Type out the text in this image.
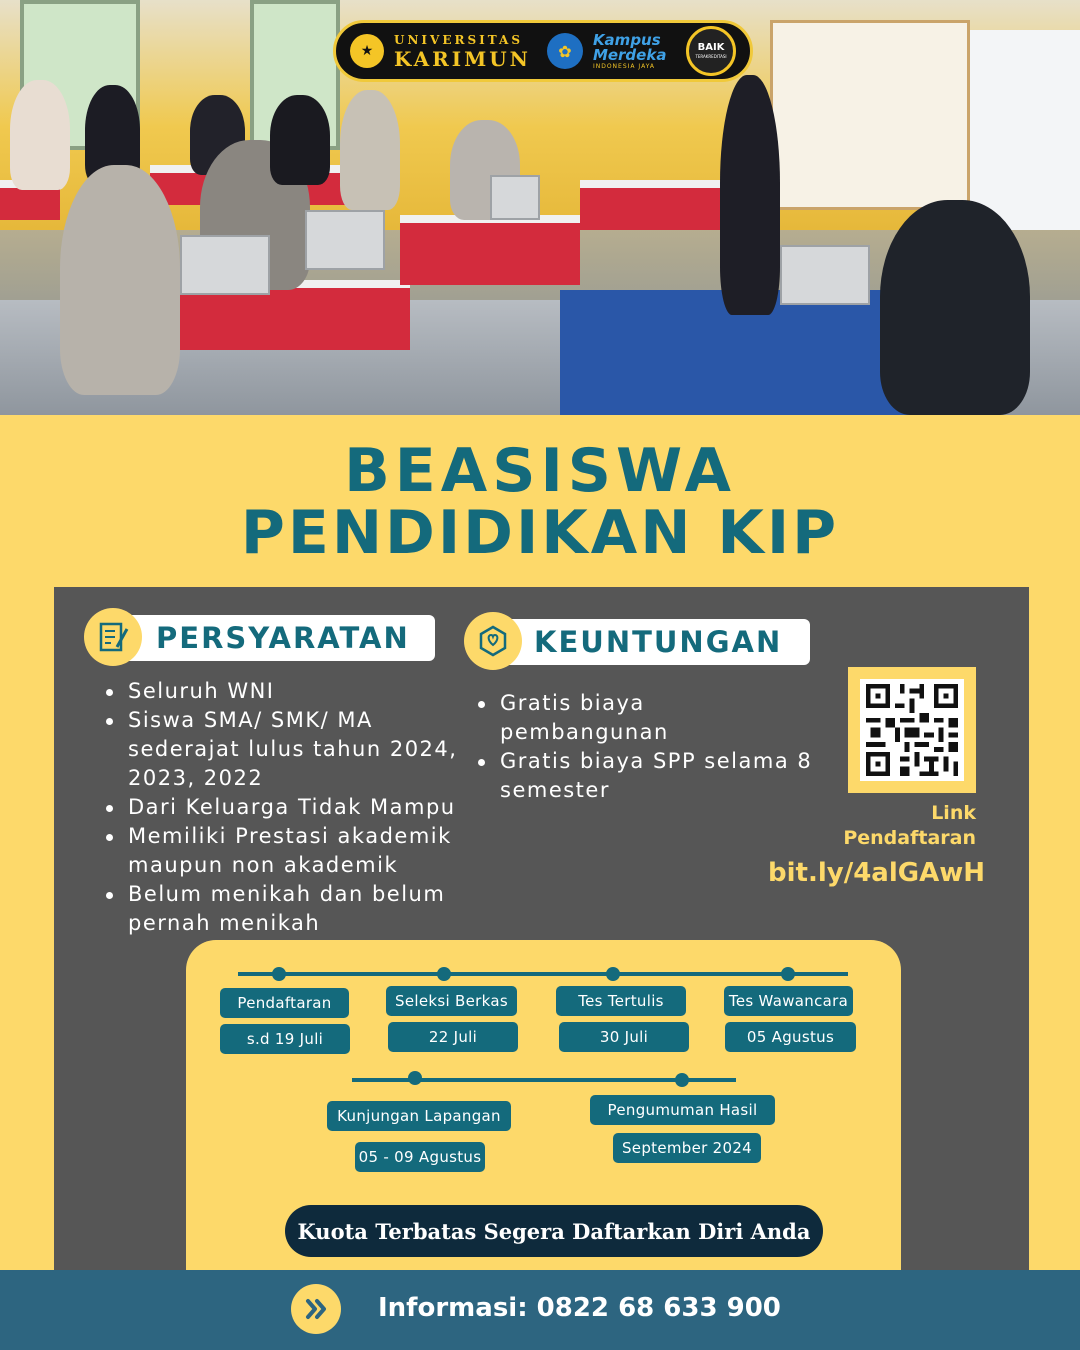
★
UNIVERSITAS
KARIMUN	✿
Kampus
Merdeka
INDONESIA JAYA
BAIK
TERAKREDITASI
BEASISWA
PENDIDIKAN KIP
PERSYARATAN
Seluruh WNI
Siswa SMA/ SMK/ MA sederajat lulus tahun 2024, 2023, 2022
Dari Keluarga Tidak Mampu
Memiliki Prestasi akademik maupun non akademik
Belum menikah dan belum pernah menikah
KEUNTUNGAN
Gratis biaya pembangunan
Gratis biaya SPP selama 8 semester
Link
Pendaftaran
bit.ly/4alGAwH
Pendaftaran	Seleksi Berkas	Tes Tertulis	Tes Wawancara
s.d 19 Juli	22 Juli	30 Juli	05 Agustus
Kunjungan Lapangan	Pengumuman Hasil
05 - 09 Agustus	September 2024
Kuota Terbatas Segera Daftarkan Diri Anda
Informasi: 0822 68 633 900
